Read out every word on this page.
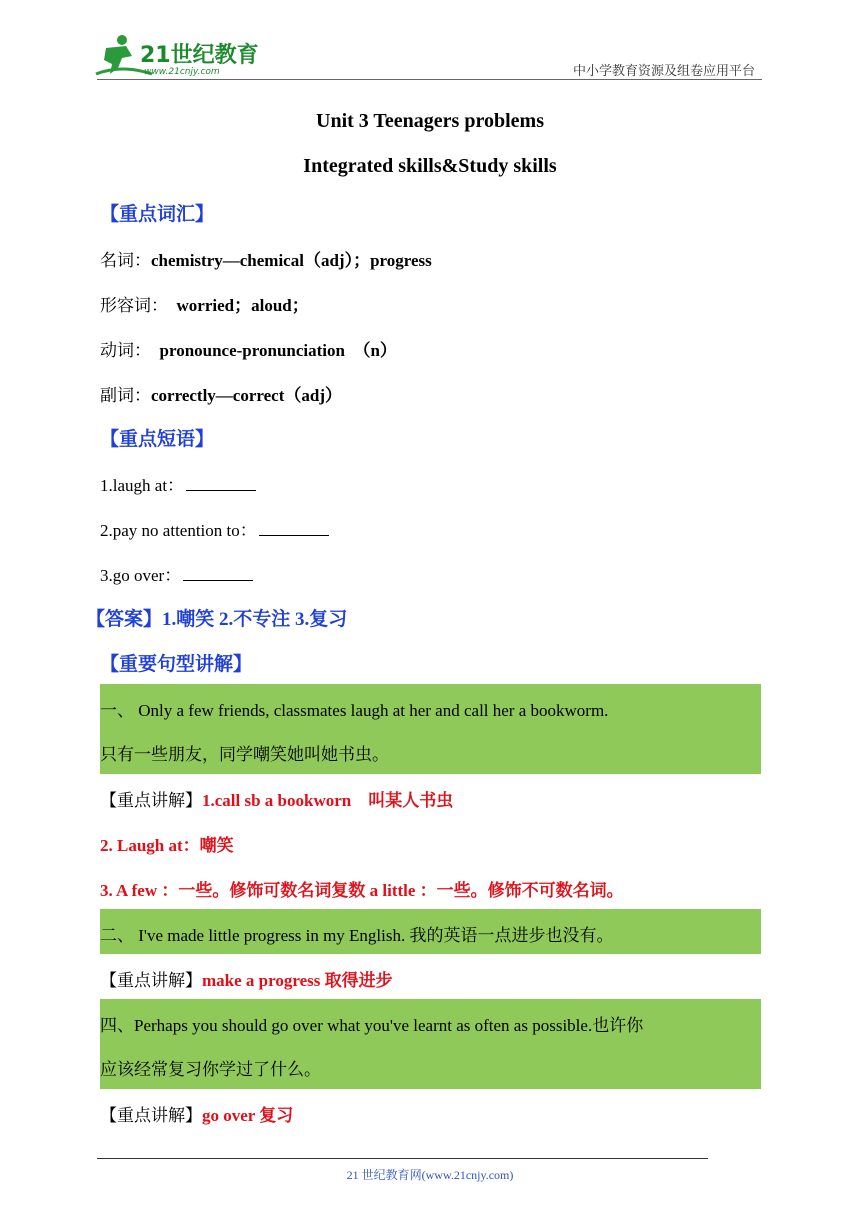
21世纪教育
www.21cnjy.com	中小学教育资源及组卷应用平台
Unit 3 Teenagers problems
Integrated skills&Study skills
【重点词汇】
名词：chemistry—chemical（adj）；progress
形容词： worried；aloud；
动词： pronounce-pronunciation　（n）
副词：correctly—correct（adj）
【重点短语】
1.laugh at：
2.pay no attention to：
3.go over：
【答案】1.嘲笑 2.不专注 3.复习
【重要句型讲解】
一、 Only a few friends, classmates laugh at her and call her a bookworm.
只有一些朋友，同学嘲笑她叫她书虫。
【重点讲解】1.call sb a bookworn　叫某人书虫
2. Laugh at：嘲笑
3. A few ：一些。修饰可数名词复数 a little ：一些。修饰不可数名词。
二、 I've made little progress in my English. 我的英语一点进步也没有。
【重点讲解】make a progress 取得进步
四、Perhaps you should go over what you've learnt as often as possible.也许你
应该经常复习你学过了什么。
【重点讲解】go over 复习
21 世纪教育网(www.21cnjy.com)
